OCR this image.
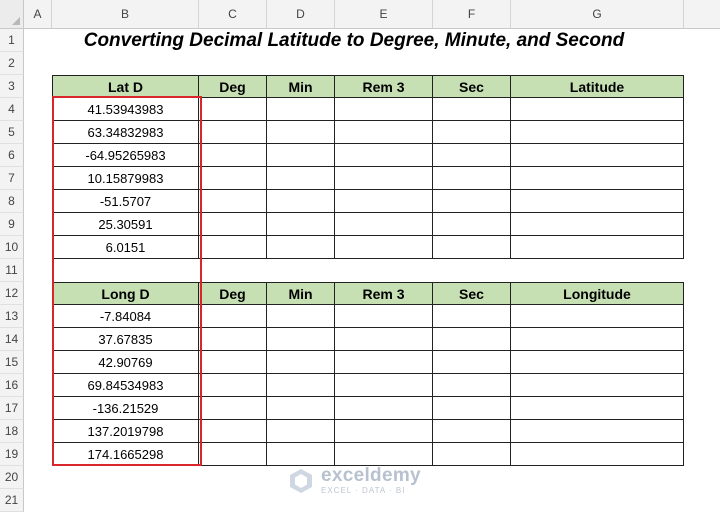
A	B	C	D	E	F	G
1
2
3
4
5
6
7
8
9
10
11
12
13
14
15
16
17
18
19
20
21
Converting Decimal Latitude to Degree, Minute, and Second
Lat D	Deg	Min	Rem 3	Sec	Latitude
41.53943983
63.34832983
-64.95265983
10.15879983
-51.5707
25.30591
6.0151
Long D	Deg	Min	Rem 3	Sec	Longitude
-7.84084
37.67835
42.90769
69.84534983
-136.21529
137.2019798
174.1665298
exceldemy
EXCEL · DATA · BI
